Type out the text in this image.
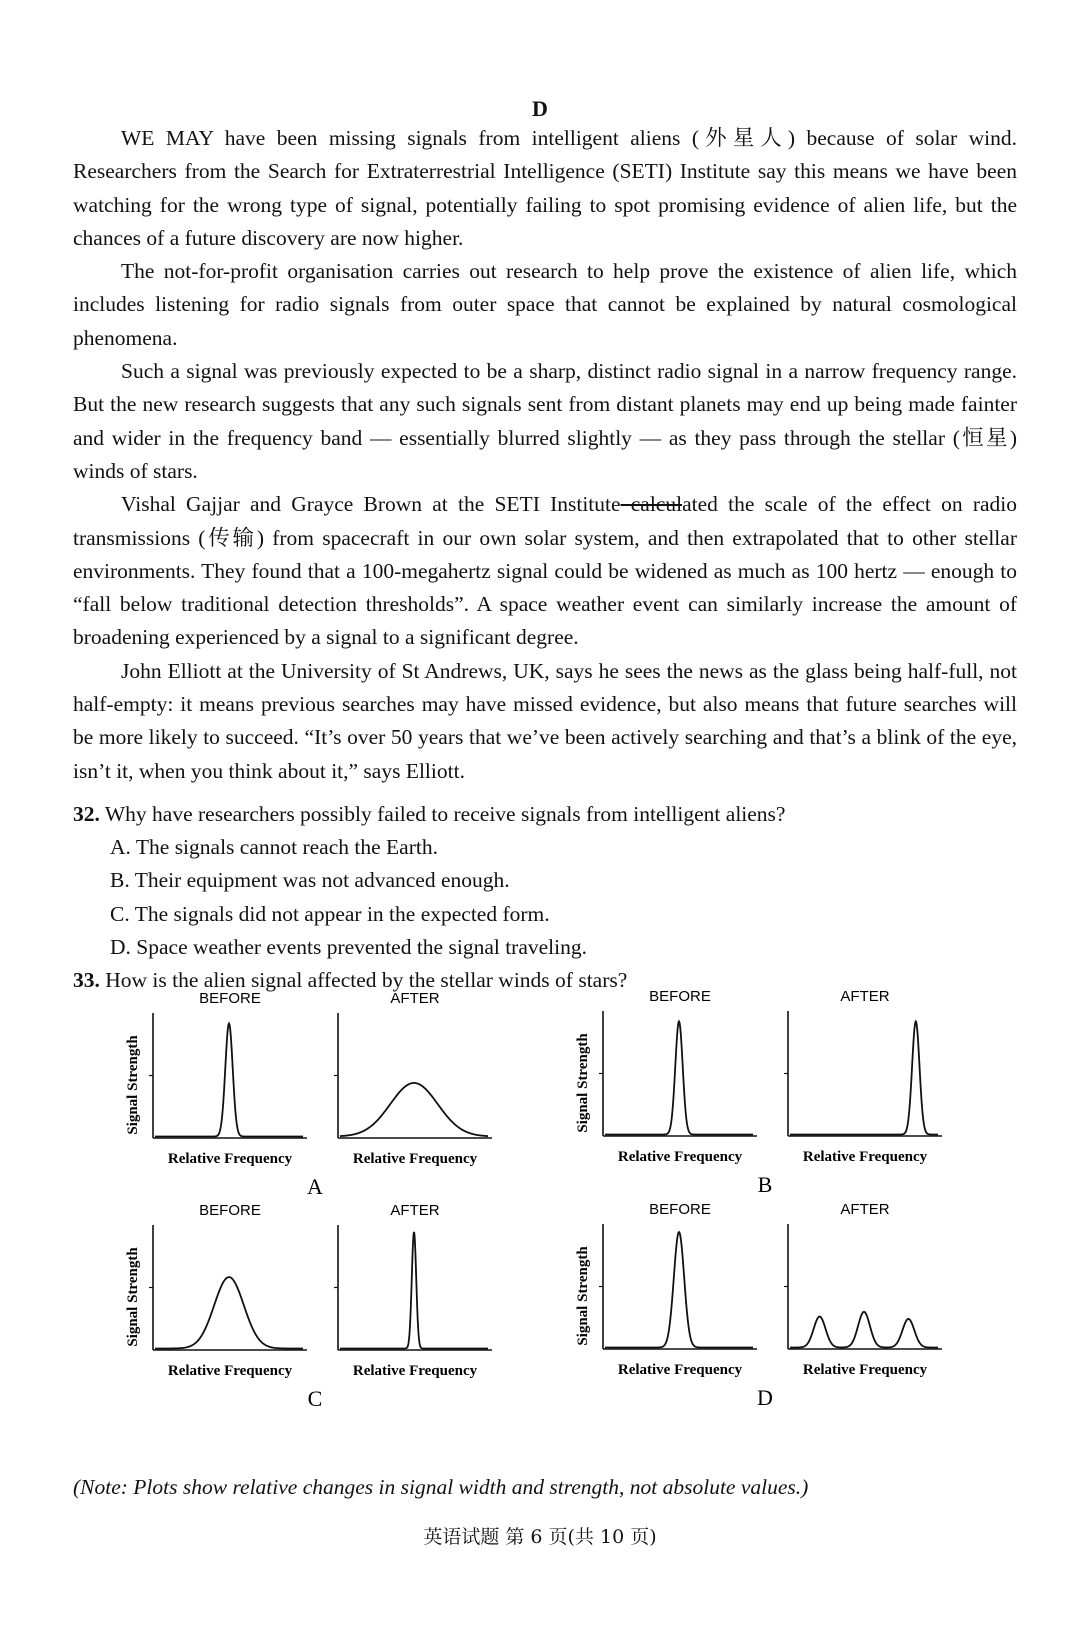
D

WE MAY have been missing signals from intelligent aliens (外星人) because of solar wind. Researchers from the Search for Extraterrestrial Intelligence (SETI) Institute say this means we have been watching for the wrong type of signal, potentially failing to spot promising evidence of alien life, but the chances of a future discovery are now higher.

The not-for-profit organisation carries out research to help prove the existence of alien life, which includes listening for radio signals from outer space that cannot be explained by natural cosmological phenomena.

Such a signal was previously expected to be a sharp, distinct radio signal in a narrow frequency range. But the new research suggests that any such signals sent from distant planets may end up being made fainter and wider in the frequency band — essentially blurred slightly — as they pass through the stellar (恒星) winds of stars.

Vishal Gajjar and Grayce Brown at the SETI Institute calculated the scale of the effect on radio transmissions (传输) from spacecraft in our own solar system, and then extrapolated that to other stellar environments. They found that a 100-megahertz signal could be widened as much as 100 hertz — enough to “fall below traditional detection thresholds”. A space weather event can similarly increase the amount of broadening experienced by a signal to a significant degree.

John Elliott at the University of St Andrews, UK, says he sees the news as the glass being half-full, not half-empty: it means previous searches may have missed evidence, but also means that future searches will be more likely to succeed. “It’s over 50 years that we’ve been actively searching and that’s a blink of the eye, isn’t it, when you think about it,” says Elliott.

32. Why have researchers possibly failed to receive signals from intelligent aliens?
A. The signals cannot reach the Earth.
B. Their equipment was not advanced enough.
C. The signals did not appear in the expected form.
D. Space weather events prevented the signal traveling.
33. How is the alien signal affected by the stellar winds of stars?
Signal Strength
BEFORE
Relative Frequency
AFTER
Relative Frequency
A
Signal Strength
BEFORE
Relative Frequency
AFTER
Relative Frequency
B
Signal Strength
BEFORE
Relative Frequency
AFTER
Relative Frequency
C
Signal Strength
BEFORE
Relative Frequency
AFTER
Relative Frequency
D
(Note: Plots show relative changes in signal width and strength, not absolute values.)
英语试题 第 6 页(共 10 页)
